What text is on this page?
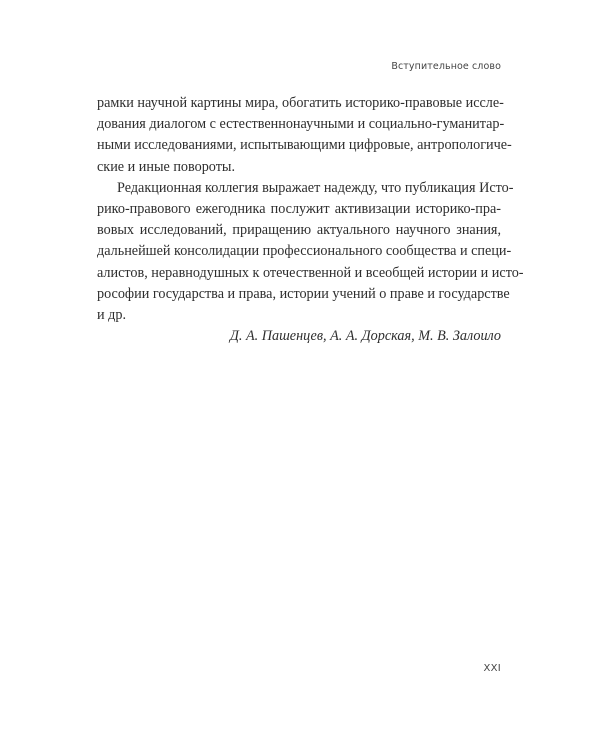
Вступительное слово
рамки научной картины мира, обогатить историко-правовые иссле-
дования диалогом с естественнонаучными и социально-гуманитар-
ными исследованиями, испытывающими цифровые, антропологиче-
ские и иные повороты.
Редакционная коллегия выражает надежду, что публикация Исто-
рико-правового ежегодника послужит активизации историко-пра-
вовых исследований, приращению актуального научного знания,
дальнейшей консолидации профессионального сообщества и специ-
алистов, неравнодушных к отечественной и всеобщей истории и исто-
рософии государства и права, истории учений о праве и государстве
и др.
Д. А. Пашенцев, А. А. Дорская, М. В. Залоило
XXI
